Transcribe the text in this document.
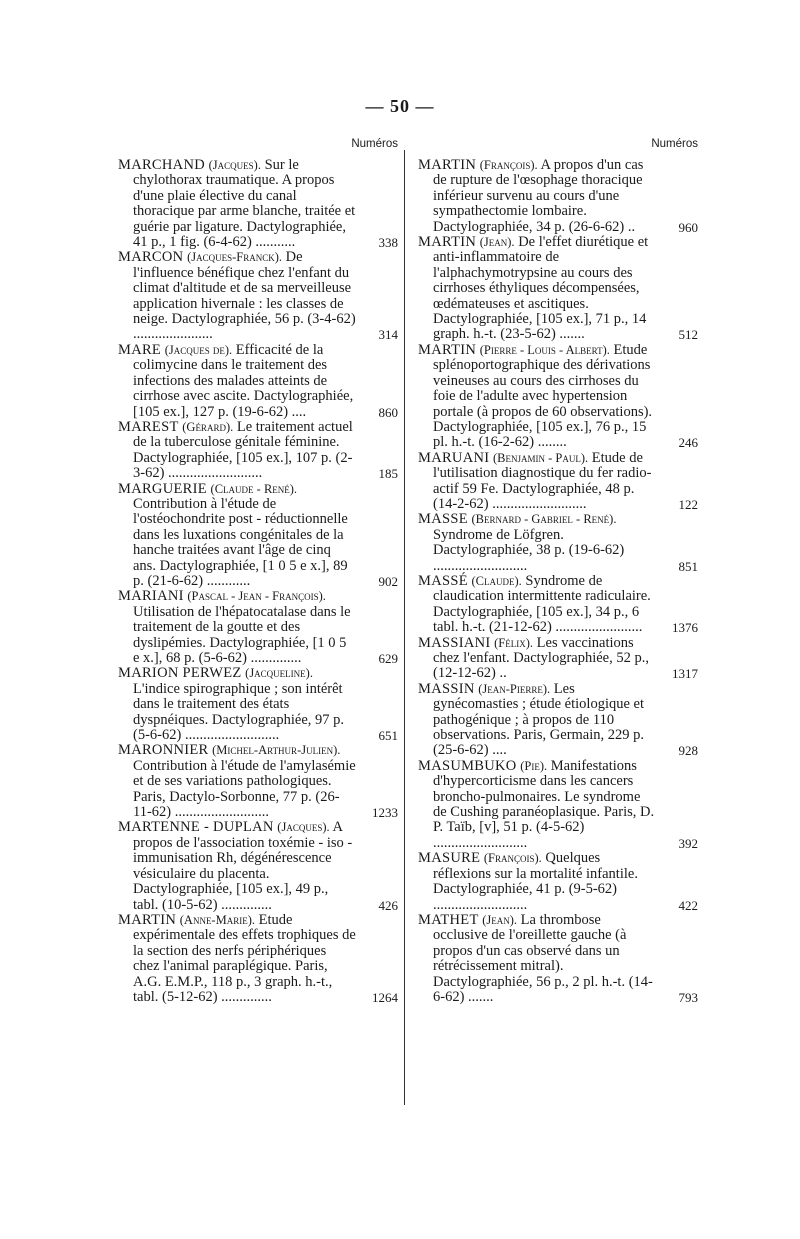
— 50 —
Numéros
MARCHAND (Jacques). Sur le chylothorax traumatique. A propos d'une plaie élective du canal thoracique par arme blanche, traitée et guérie par ligature. Dactylographiée, 41 p., 1 fig. (6-4-62) ...........	338
MARCON (Jacques-Franck). De l'influence bénéfique chez l'enfant du climat d'altitude et de sa merveilleuse application hivernale : les classes de neige. Dactylographiée, 56 p. (3-4-62) ......................	314
MARE (Jacques de). Efficacité de la colimycine dans le traitement des infections des malades atteints de cirrhose avec ascite. Dactylographiée, [105 ex.], 127 p. (19-6-62) ....	860
MAREST (Gérard). Le traitement actuel de la tuberculose génitale féminine. Dactylographiée, [105 ex.], 107 p. (2-3-62) ..........................	185
MARGUERIE (Claude - René). Contribution à l'étude de l'ostéochondrite post - réductionnelle dans les luxations congénitales de la hanche traitées avant l'âge de cinq ans. Dactylographiée, [1 0 5 e x.], 89 p. (21-6-62) ............	902
MARIANI (Pascal - Jean - François). Utilisation de l'hépatocatalase dans le traitement de la goutte et des dyslipémies. Dactylographiée, [1 0 5 e x.], 68 p. (5-6-62) ..............	629
MARION PERWEZ (Jacqueline). L'indice spirographique ; son intérêt dans le traitement des états dyspnéiques. Dactylographiée, 97 p. (5-6-62) ..........................	651
MARONNIER (Michel-Arthur-Julien). Contribution à l'étude de l'amylasémie et de ses variations pathologiques. Paris, Dactylo-Sorbonne, 77 p. (26-11-62) ..........................	1233
MARTENNE - DUPLAN (Jacques). A propos de l'association toxémie - iso - immunisation Rh, dégénérescence vésiculaire du placenta. Dactylographiée, [105 ex.], 49 p., tabl. (10-5-62) ..............	426
MARTIN (Anne-Marie). Etude expérimentale des effets trophiques de la section des nerfs périphériques chez l'animal paraplégique. Paris, A.G. E.M.P., 118 p., 3 graph. h.-t., tabl. (5-12-62) ..............	1264
Numéros
MARTIN (François). A propos d'un cas de rupture de l'œsophage thoracique inférieur survenu au cours d'une sympathectomie lombaire. Dactylographiée, 34 p. (26-6-62) ..	960
MARTIN (Jean). De l'effet diurétique et anti-inflammatoire de l'alphachymotrypsine au cours des cirrhoses éthyliques décompensées, œdémateuses et ascitiques. Dactylographiée, [105 ex.], 71 p., 14 graph. h.-t. (23-5-62) .......	512
MARTIN (Pierre - Louis - Albert). Etude splénoportographique des dérivations veineuses au cours des cirrhoses du foie de l'adulte avec hypertension portale (à propos de 60 observations). Dactylographiée, [105 ex.], 76 p., 15 pl. h.-t. (16-2-62) ........	246
MARUANI (Benjamin - Paul). Etude de l'utilisation diagnostique du fer radio-actif 59 Fe. Dactylographiée, 48 p. (14-2-62) ..........................	122
MASSE (Bernard - Gabriel - René). Syndrome de Löfgren. Dactylographiée, 38 p. (19-6-62) ..........................	851
MASSÉ (Claude). Syndrome de claudication intermittente radiculaire. Dactylographiée, [105 ex.], 34 p., 6 tabl. h.-t. (21-12-62) ........................	1376
MASSIANI (Félix). Les vaccinations chez l'enfant. Dactylographiée, 52 p., (12-12-62) ..	1317
MASSIN (Jean-Pierre). Les gynécomasties ; étude étiologique et pathogénique ; à propos de 110 observations. Paris, Germain, 229 p. (25-6-62) ....	928
MASUMBUKO (Pie). Manifestations d'hypercorticisme dans les cancers broncho-pulmonaires. Le syndrome de Cushing paranéoplasique. Paris, D. P. Taïb, [v], 51 p. (4-5-62) ..........................	392
MASURE (François). Quelques réflexions sur la mortalité infantile. Dactylographiée, 41 p. (9-5-62) ..........................	422
MATHET (Jean). La thrombose occlusive de l'oreillette gauche (à propos d'un cas observé dans un rétrécissement mitral). Dactylographiée, 56 p., 2 pl. h.-t. (14-6-62) .......	793
